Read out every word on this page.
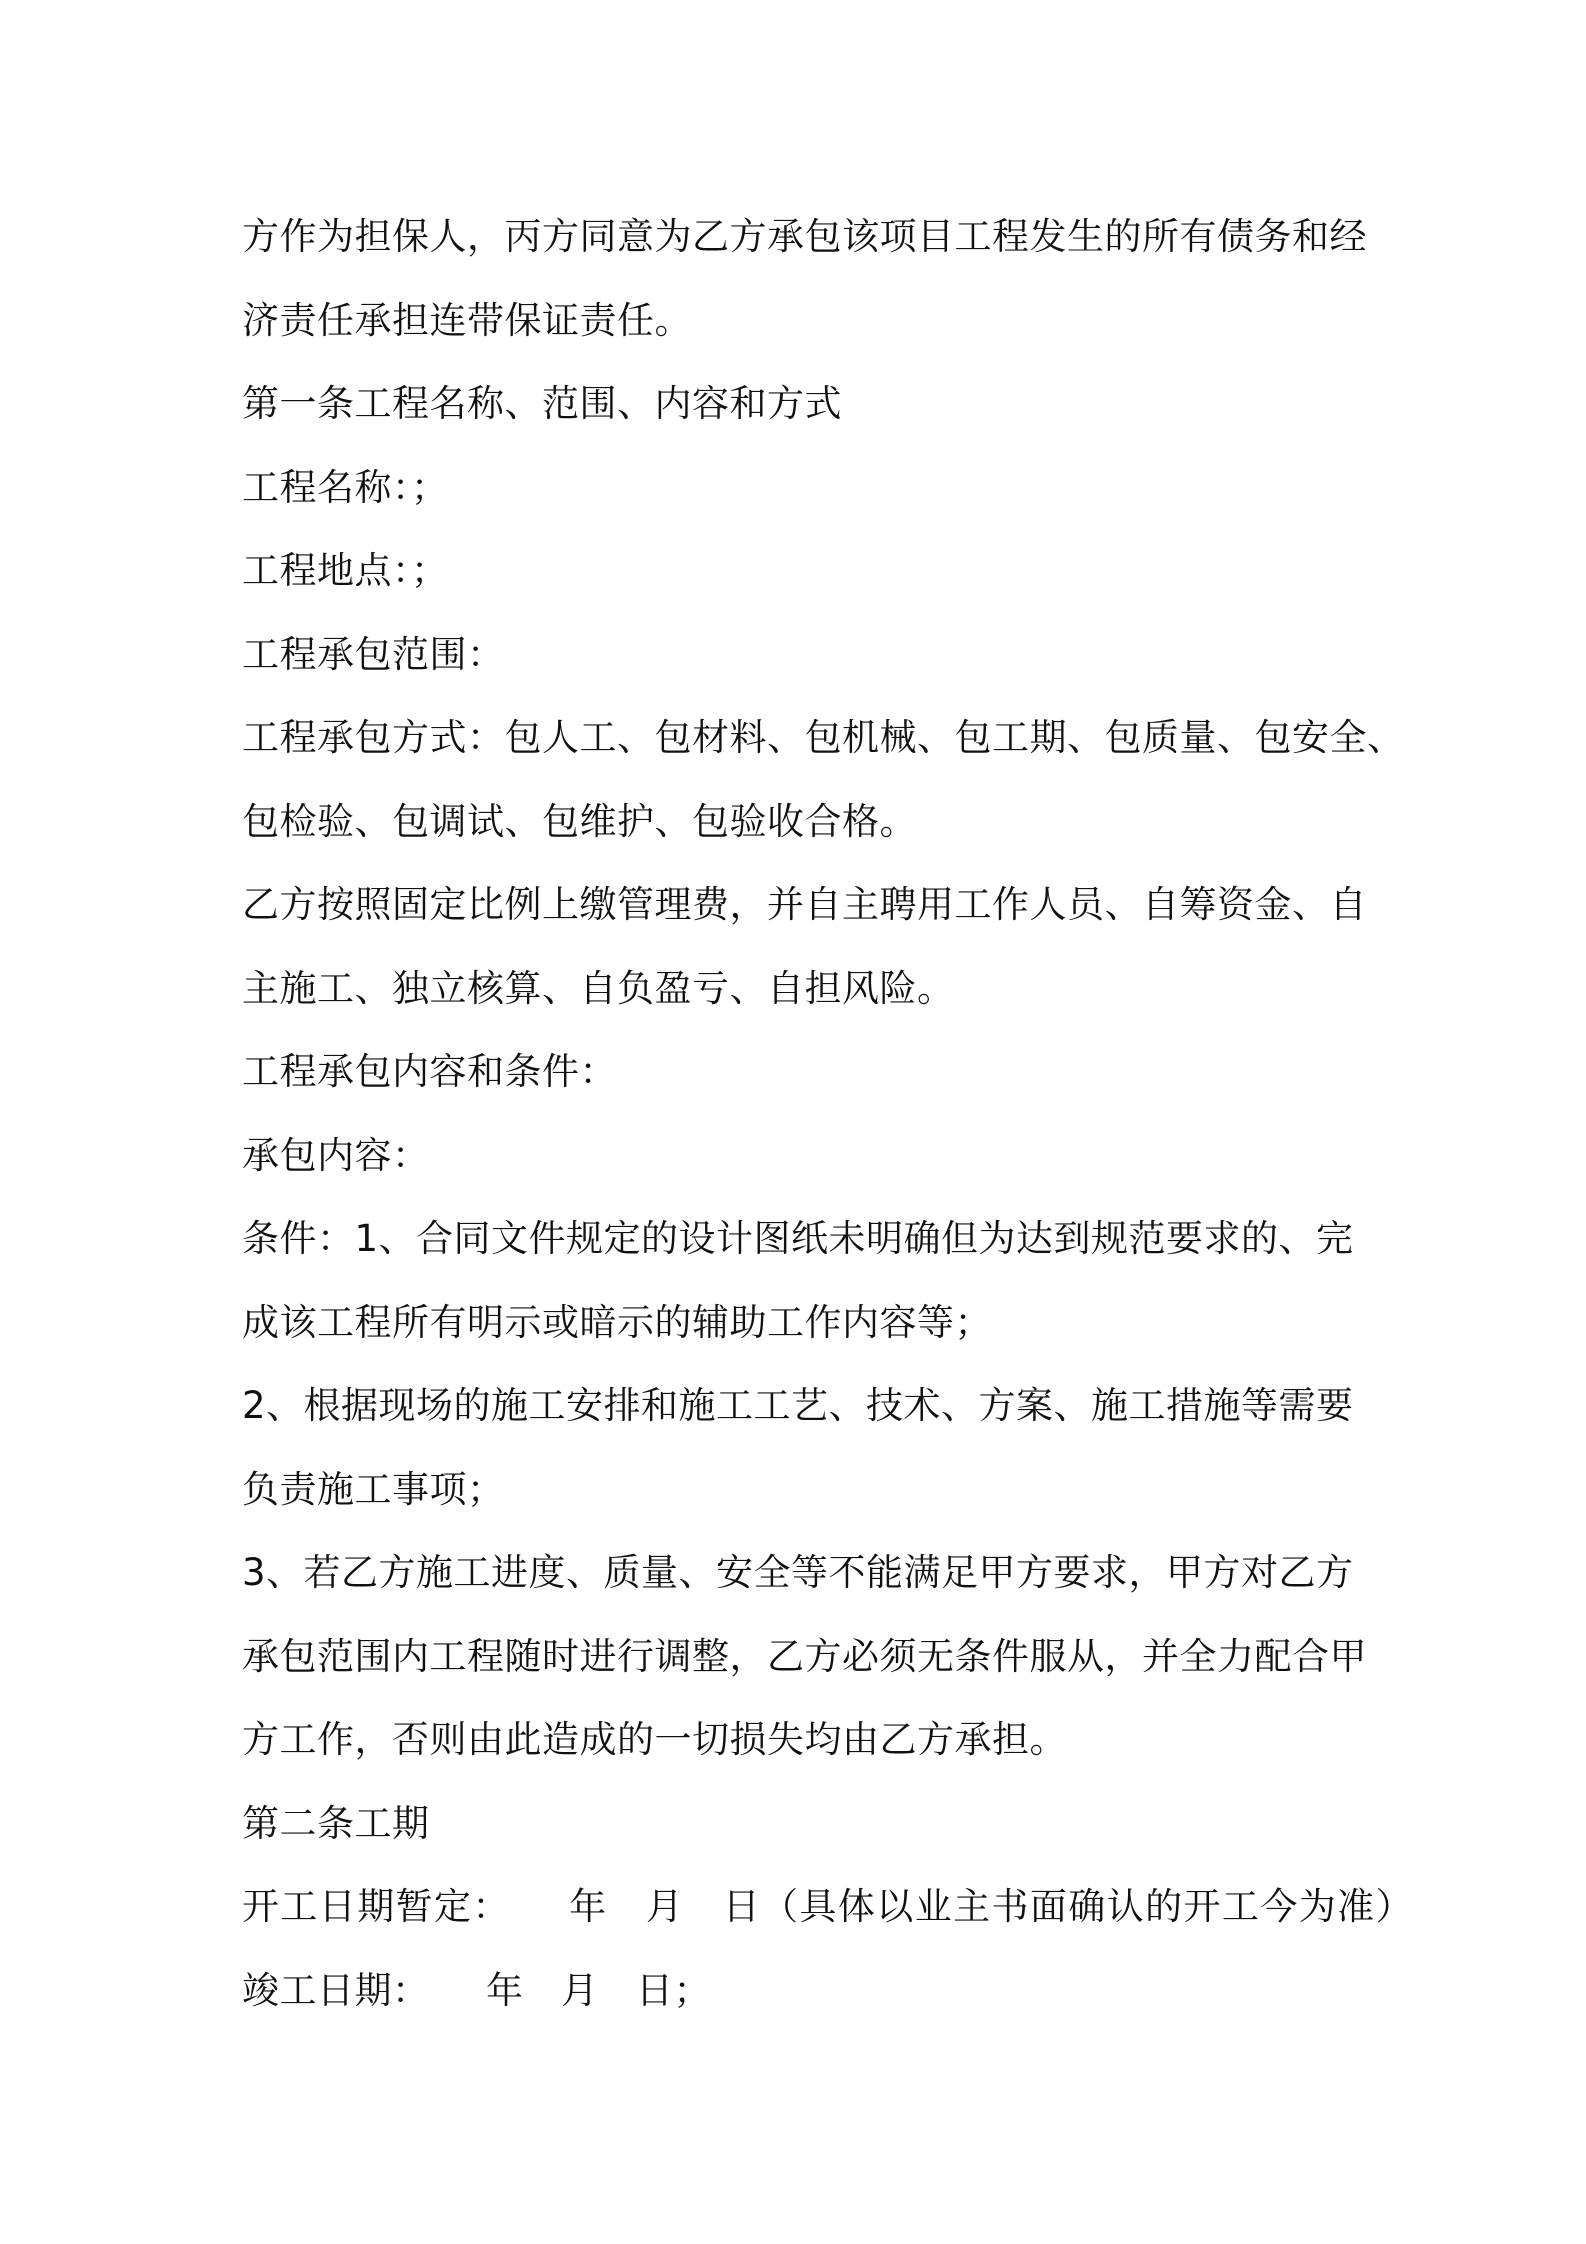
方作为担保人，丙方同意为乙方承包该项目工程发生的所有债务和经
济责任承担连带保证责任。
第一条工程名称、范围、内容和方式
工程名称：；
工程地点：；
工程承包范围：
工程承包方式：包人工、包材料、包机械、包工期、包质量、包安全、
包检验、包调试、包维护、包验收合格。
乙方按照固定比例上缴管理费，并自主聘用工作人员、自筹资金、自
主施工、独立核算、自负盈亏、自担风险。
工程承包内容和条件：
承包内容：
条件：1、合同文件规定的设计图纸未明确但为达到规范要求的、完
成该工程所有明示或暗示的辅助工作内容等；
2、根据现场的施工安排和施工工艺、技术、方案、施工措施等需要
负责施工事项；
3、若乙方施工进度、质量、安全等不能满足甲方要求，甲方对乙方
承包范围内工程随时进行调整，乙方必须无条件服从，并全力配合甲
方工作，否则由此造成的一切损失均由乙方承担。
第二条工期
开工日期暂定：　　年　月　日（具体以业主书面确认的开工今为准）
竣工日期：　　年　月　日；
